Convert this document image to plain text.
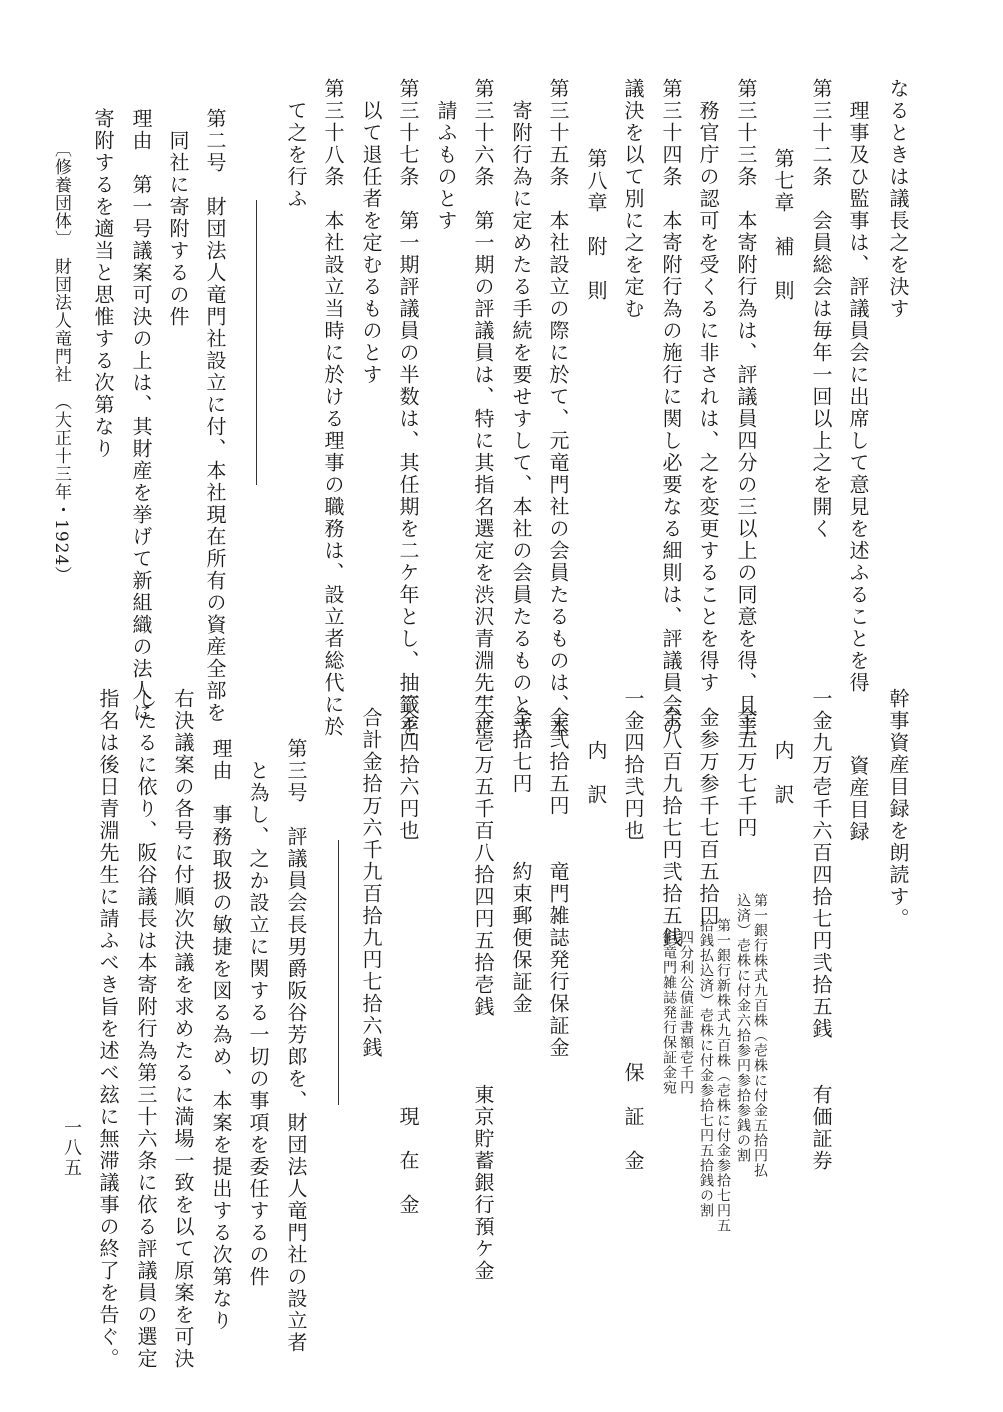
なるときは議長之を決す
理事及ひ監事は、評議員会に出席して意見を述ふることを得
第三十二条　会員総会は毎年一回以上之を開く
第七章　補　則
第三十三条　本寄附行為は、評議員四分の三以上の同意を得、且主
務官庁の認可を受くるに非されは、之を変更することを得す
第三十四条　本寄附行為の施行に関し必要なる細則は、評議員会の
議決を以て別に之を定む
第八章　附　則
第三十五条　本社設立の際に於て、元竜門社の会員たるものは、本
寄附行為に定めたる手続を要せすして、本社の会員たるものとす
第三十六条　第一期の評議員は、特に其指名選定を渋沢青淵先生に
請ふものとす
第三十七条　第一期評議員の半数は、其任期を二ケ年とし、抽籤を
以て退任者を定むるものとす
第三十八条　本社設立当時に於ける理事の職務は、設立者総代に於
て之を行ふ
第二号　財団法人竜門社設立に付、本社現在所有の資産全部を
同社に寄附するの件
理由　第一号議案可決の上は、其財産を挙げて新組織の法人に
寄附するを適当と思惟する次第なり
〔修養団体〕　財団法人竜門社　（大正十三年・1924）
幹事資産目録を朗読す。
資産目録
一金九万壱千六百四拾七円弐拾五銭　　有価証券
内　訳
金五万七千円
第一銀行株式九百株（壱株に付金五拾円払
込済）壱株に付金六拾参円参拾参銭の割
金参万参千七百五拾円
第一銀行新株式九百株（壱株に付金参拾七円五
拾銭払込済）壱株に付金参拾七円五拾銭の割
金八百九拾七円弐拾五銭
四分利公債証書額壱千円
但竜門雑誌発行保証金宛
一金四拾弐円也　　　　　　　　　　保　証　金
内　訳
金弐拾五円　　竜門雑誌発行保証金
金拾七円　　　約束郵便保証金
一金壱万五千百八拾四円五拾壱銭　　　東京貯蓄銀行預ケ金
一金四拾六円也　　　　　　　　　　　　現　在　金
合計金拾万六千九百拾九円七拾六銭
第三号　評議員会長男爵阪谷芳郎を、財団法人竜門社の設立者
と為し、之か設立に関する一切の事項を委任するの件
理由　事務取扱の敏捷を図る為め、本案を提出する次第なり
右決議案の各号に付順次決議を求めたるに満場一致を以て原案を可決
したるに依り、阪谷議長は本寄附行為第三十六条に依る評議員の選定
指名は後日青淵先生に請ふべき旨を述べ玆に無滞議事の終了を告ぐ。
一八五
